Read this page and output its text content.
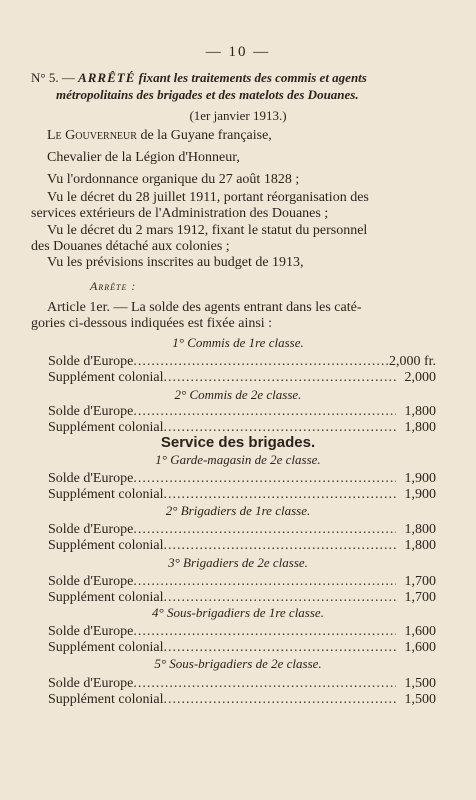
— 10 —
N° 5. — ARRÊTÉ fixant les traitements des commis et agents
métropolitains des brigades et des matelots des Douanes.
(1er janvier 1913.)
Le Gouverneur de la Guyane française,
Chevalier de la Légion d'Honneur,
Vu l'ordonnance organique du 27 août 1828 ;
Vu le décret du 28 juillet 1911, portant réorganisation des
services extérieurs de l'Administration des Douanes ;
Vu le décret du 2 mars 1912, fixant le statut du personnel
des Douanes détaché aux colonies ;
Vu les prévisions inscrites au budget de 1913,
Arrête :
Article 1er. — La solde des agents entrant dans les caté-
gories ci-dessous indiquées est fixée ainsi :
Service des brigades.
1° Commis de 1re classe.
Solde d'Europe .....	2,000 fr.
Supplément colonial .....	2,000
2° Commis de 2e classe.
Solde d'Europe .....	1,800
Supplément colonial .....	1,800
1° Garde-magasin de 2e classe.
Solde d'Europe .....	1,900
Supplément colonial .....	1,900
2° Brigadiers de 1re classe.
Solde d'Europe .....	1,800
Supplément colonial .....	1,800
3° Brigadiers de 2e classe.
Solde d'Europe .....	1,700
Supplément colonial .....	1,700
4° Sous-brigadiers de 1re classe.
Solde d'Europe .....	1,600
Supplément colonial .....	1,600
5° Sous-brigadiers de 2e classe.
Solde d'Europe .....	1,500
Supplément colonial .....	1,500
